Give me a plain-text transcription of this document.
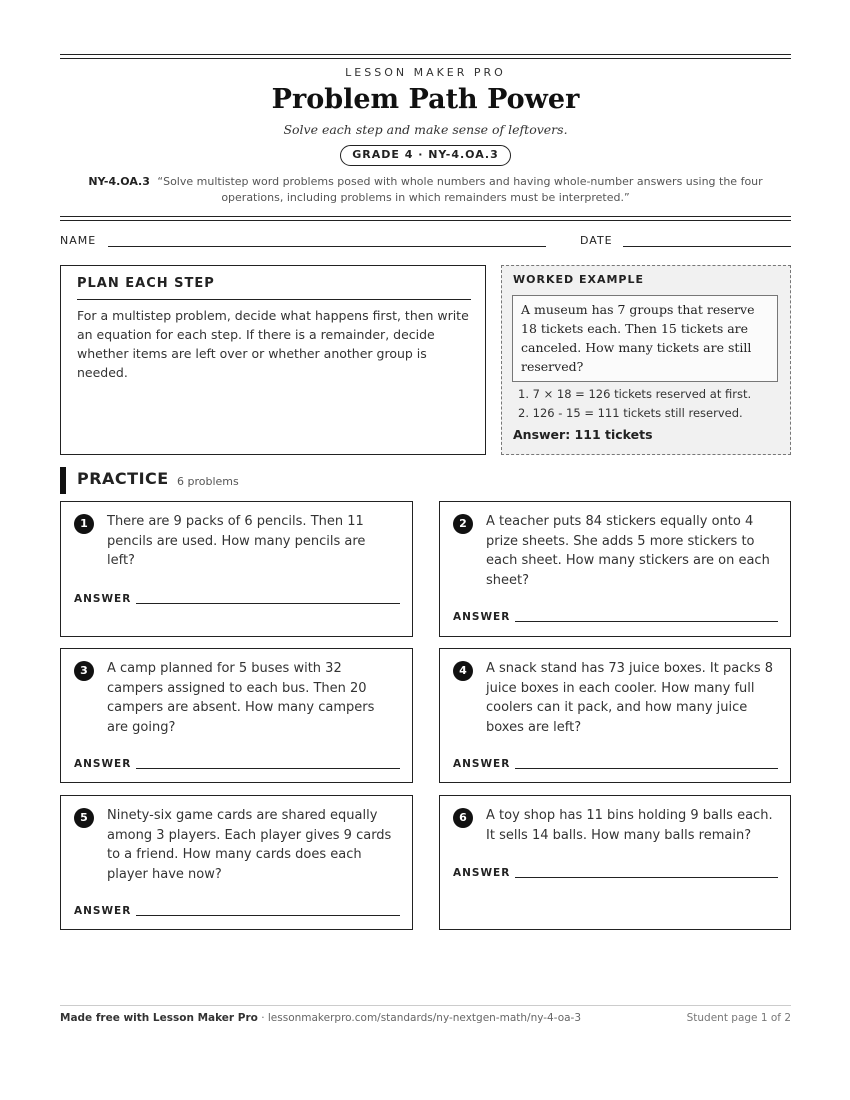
LESSON MAKER PRO
Problem Path Power
Solve each step and make sense of leftovers.
GRADE 4 · NY-4.OA.3
NY-4.OA.3 “Solve multistep word problems posed with whole numbers and having whole-number answers using the four operations, including problems in which remainders must be interpreted.”
NAME	DATE
PLAN EACH STEP
For a multistep problem, decide what happens first, then write an equation for each step. If there is a remainder, decide whether items are left over or whether another group is needed.
WORKED EXAMPLE
A museum has 7 groups that reserve 18 tickets each. Then 15 tickets are canceled. How many tickets are still reserved?
1. 7 × 18 = 126 tickets reserved at first.
2. 126 - 15 = 111 tickets still reserved.
Answer: 111 tickets
PRACTICE 6 problems
1	There are 9 packs of 6 pencils. Then 11
pencils are used. How many pencils are
left?
ANSWER
2	A teacher puts 84 stickers equally onto 4
prize sheets. She adds 5 more stickers to
each sheet. How many stickers are on each
sheet?
ANSWER
3	A camp planned for 5 buses with 32
campers assigned to each bus. Then 20
campers are absent. How many campers
are going?
ANSWER
4	A snack stand has 73 juice boxes. It packs 8
juice boxes in each cooler. How many full
coolers can it pack, and how many juice
boxes are left?
ANSWER
5	Ninety-six game cards are shared equally
among 3 players. Each player gives 9 cards
to a friend. How many cards does each
player have now?
ANSWER
6	A toy shop has 11 bins holding 9 balls each.
It sells 14 balls. How many balls remain?
ANSWER
Made free with Lesson Maker Pro · lessonmakerpro.com/standards/ny-nextgen-math/ny-4-oa-3	Student page 1 of 2
